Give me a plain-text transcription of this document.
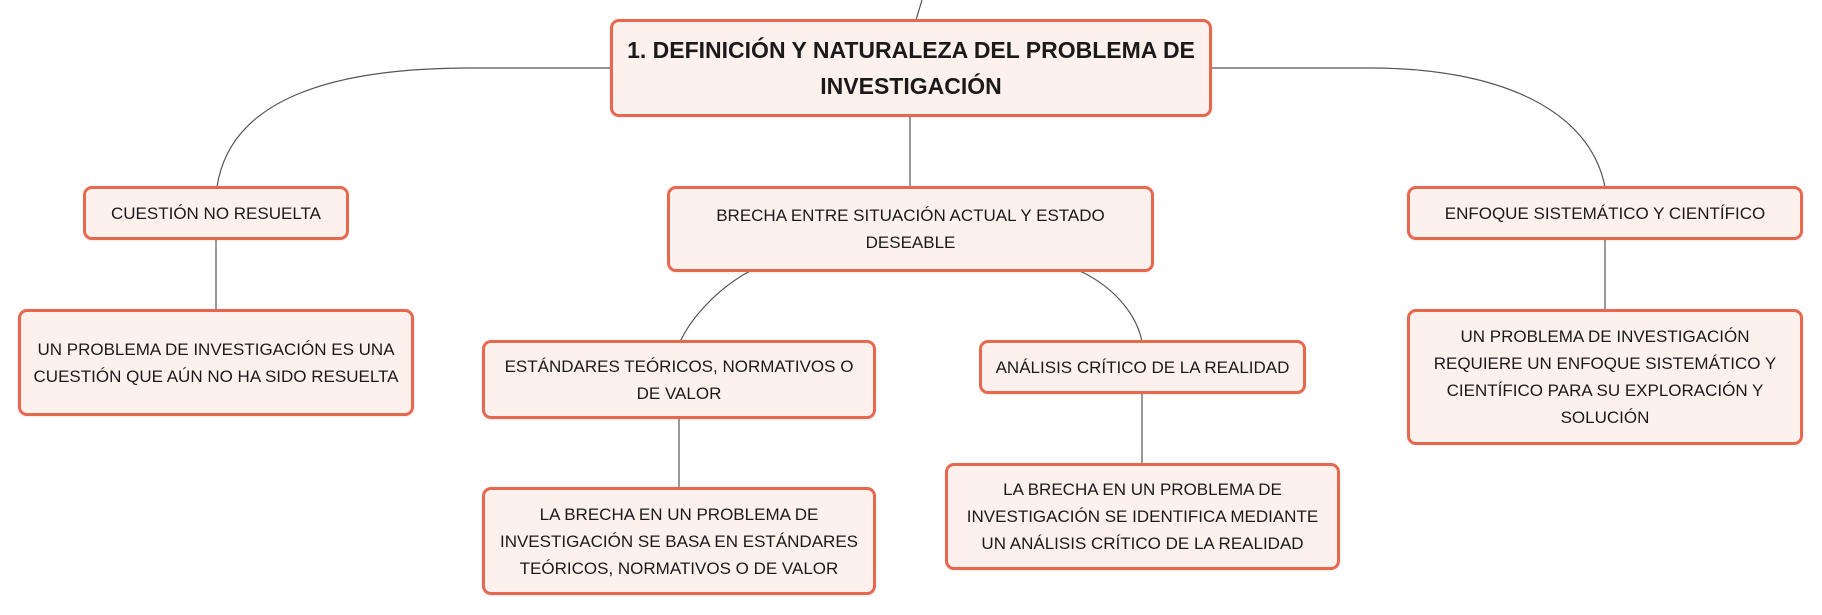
1. DEFINICIÓN Y NATURALEZA DEL PROBLEMA DE INVESTIGACIÓN
CUESTIÓN NO RESUELTA
UN PROBLEMA DE INVESTIGACIÓN ES UNA CUESTIÓN QUE AÚN NO HA SIDO RESUELTA
BRECHA ENTRE SITUACIÓN ACTUAL Y ESTADO DESEABLE
ESTÁNDARES TEÓRICOS, NORMATIVOS O DE VALOR
LA BRECHA EN UN PROBLEMA DE INVESTIGACIÓN SE BASA EN ESTÁNDARES TEÓRICOS, NORMATIVOS O DE VALOR
ANÁLISIS CRÍTICO DE LA REALIDAD
LA BRECHA EN UN PROBLEMA DE INVESTIGACIÓN SE IDENTIFICA MEDIANTE UN ANÁLISIS CRÍTICO DE LA REALIDAD
ENFOQUE SISTEMÁTICO Y CIENTÍFICO
UN PROBLEMA DE INVESTIGACIÓN REQUIERE UN ENFOQUE SISTEMÁTICO Y CIENTÍFICO PARA SU EXPLORACIÓN Y SOLUCIÓN
